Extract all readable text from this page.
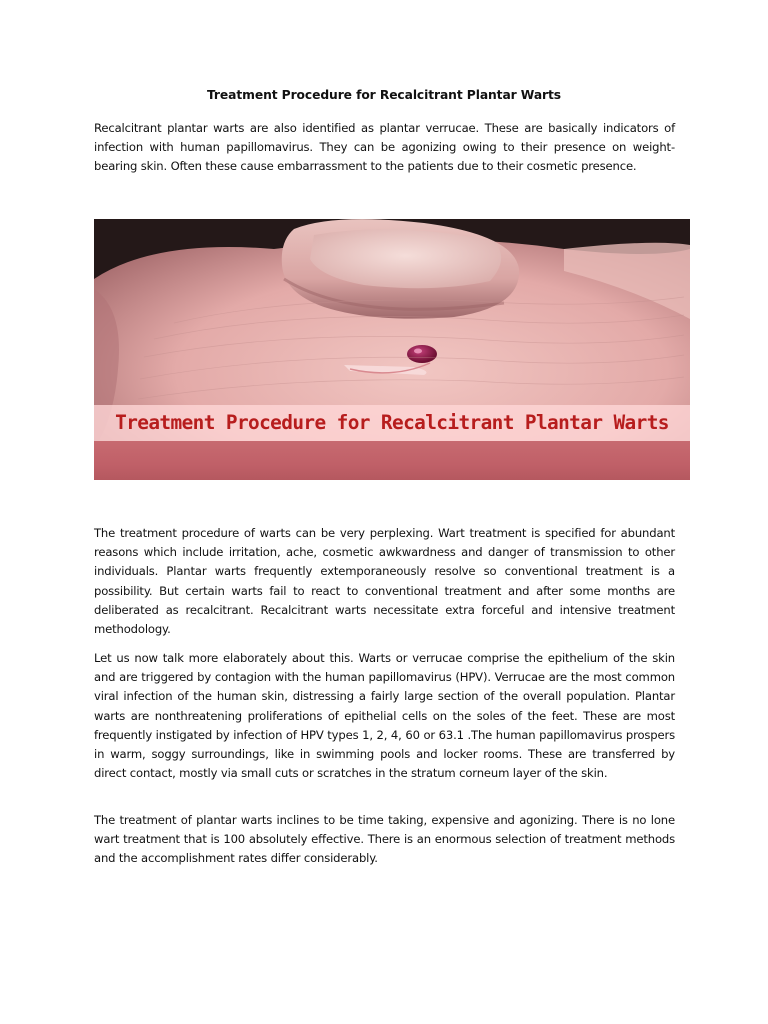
Treatment Procedure for Recalcitrant Plantar Warts

Recalcitrant plantar warts are also identified as plantar verrucae. These are basically indicators of infection with human papillomavirus. They can be agonizing owing to their presence on weight-bearing skin. Often these cause embarrassment to the patients due to their cosmetic presence.

Treatment Procedure for Recalcitrant Plantar Warts

The treatment procedure of warts can be very perplexing. Wart treatment is specified for abundant reasons which include irritation, ache, cosmetic awkwardness and danger of transmission to other individuals. Plantar warts frequently extemporaneously resolve so conventional treatment is a possibility. But certain warts fail to react to conventional treatment and after some months are deliberated as recalcitrant. Recalcitrant warts necessitate extra forceful and intensive treatment methodology.

Let us now talk more elaborately about this. Warts or verrucae comprise the epithelium of the skin and are triggered by contagion with the human papillomavirus (HPV). Verrucae are the most common viral infection of the human skin, distressing a fairly large section of the overall population. Plantar warts are nonthreatening proliferations of epithelial cells on the soles of the feet. These are most frequently instigated by infection of HPV types 1, 2, 4, 60 or 63.1 .The human papillomavirus prospers in warm, soggy surroundings, like in swimming pools and locker rooms. These are transferred by direct contact, mostly via small cuts or scratches in the stratum corneum layer of the skin.

The treatment of plantar warts inclines to be time taking, expensive and agonizing. There is no lone wart treatment that is 100 absolutely effective. There is an enormous selection of treatment methods and the accomplishment rates differ considerably.
